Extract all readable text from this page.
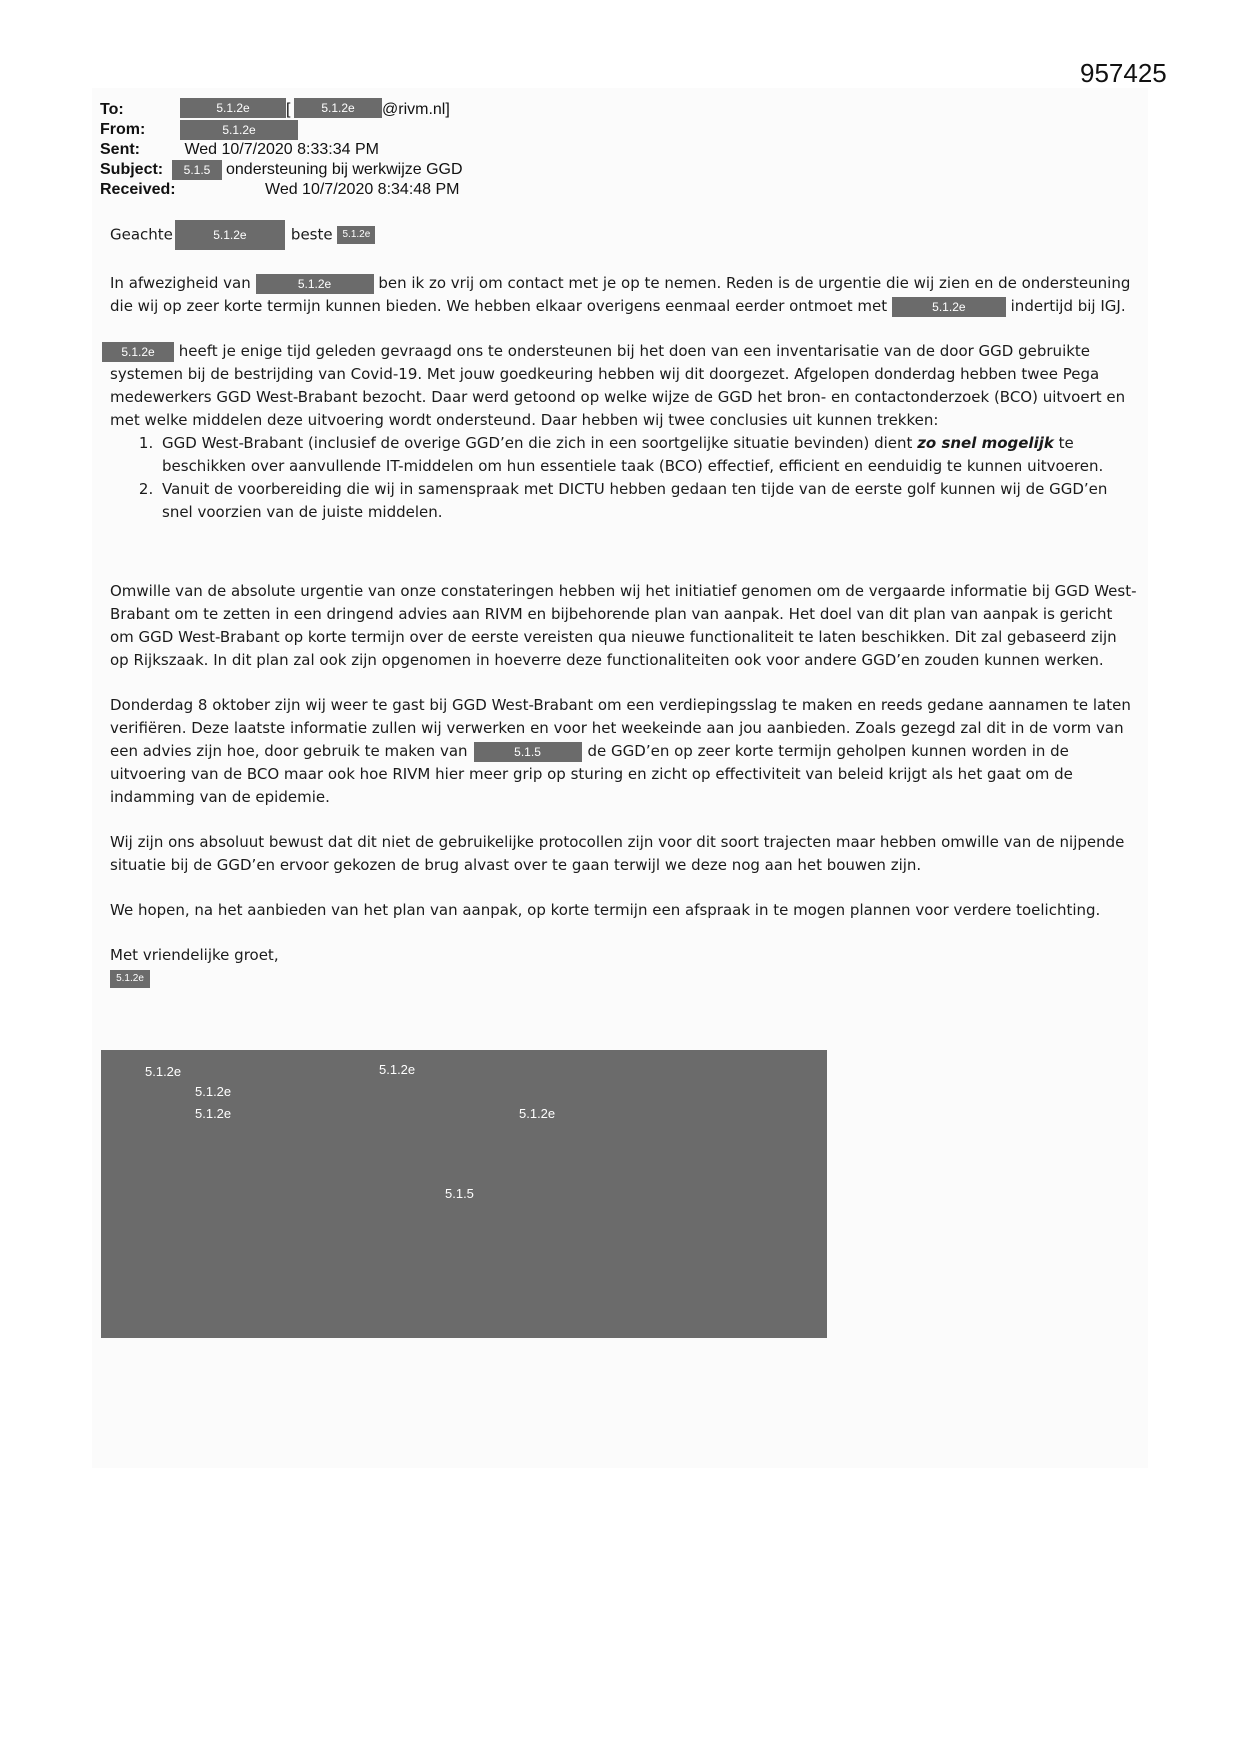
957425
To:	5.1.2e	[	5.1.2e	@rivm.nl]
From:	5.1.2e
Sent:	Wed 10/7/2020 8:33:34 PM
Subject:	5.1.5 ondersteuning bij werkwijze GGD
Received:	Wed 10/7/2020 8:34:48 PM

Geachte	5.1.2e	beste 5.1.2e

In afwezigheid van	5.1.2e	ben ik zo vrij om contact met je op te nemen. Reden is de urgentie die wij zien en de ondersteuning die wij op zeer korte termijn kunnen bieden. We hebben elkaar overigens eenmaal eerder ontmoet met	5.1.2e	indertijd bij IGJ.

5.1.2e heeft je enige tijd geleden gevraagd ons te ondersteunen bij het doen van een inventarisatie van de door GGD gebruikte systemen bij de bestrijding van Covid-19. Met jouw goedkeuring hebben wij dit doorgezet. Afgelopen donderdag hebben twee Pega medewerkers GGD West-Brabant bezocht. Daar werd getoond op welke wijze de GGD het bron- en contactonderzoek (BCO) uitvoert en met welke middelen deze uitvoering wordt ondersteund. Daar hebben wij twee conclusies uit kunnen trekken:

1. GGD West-Brabant (inclusief de overige GGD’en die zich in een soortgelijke situatie bevinden) dient zo snel mogelijk te beschikken over aanvullende IT-middelen om hun essentiele taak (BCO) effectief, efficient en eenduidig te kunnen uitvoeren.
2. Vanuit de voorbereiding die wij in samenspraak met DICTU hebben gedaan ten tijde van de eerste golf kunnen wij de GGD’en snel voorzien van de juiste middelen.

Omwille van de absolute urgentie van onze constateringen hebben wij het initiatief genomen om de vergaarde informatie bij GGD West-Brabant om te zetten in een dringend advies aan RIVM en bijbehorende plan van aanpak. Het doel van dit plan van aanpak is gericht om GGD West-Brabant op korte termijn over de eerste vereisten qua nieuwe functionaliteit te laten beschikken. Dit zal gebaseerd zijn op Rijkszaak. In dit plan zal ook zijn opgenomen in hoeverre deze functionaliteiten ook voor andere GGD’en zouden kunnen werken.

Donderdag 8 oktober zijn wij weer te gast bij GGD West-Brabant om een verdiepingsslag te maken en reeds gedane aannamen te laten verifiëren. Deze laatste informatie zullen wij verwerken en voor het weekeinde aan jou aanbieden. Zoals gezegd zal dit in de vorm van een advies zijn hoe, door gebruik te maken van	5.1.5	de GGD’en op zeer korte termijn geholpen kunnen worden in de uitvoering van de BCO maar ook hoe RIVM hier meer grip op sturing en zicht op effectiviteit van beleid krijgt als het gaat om de indamming van de epidemie.

Wij zijn ons absoluut bewust dat dit niet de gebruikelijke protocollen zijn voor dit soort trajecten maar hebben omwille van de nijpende situatie bij de GGD’en ervoor gekozen de brug alvast over te gaan terwijl we deze nog aan het bouwen zijn.

We hopen, na het aanbieden van het plan van aanpak, op korte termijn een afspraak in te mogen plannen voor verdere toelichting.

Met vriendelijke groet,

5.1.2e
5.1.2e	5.1.2e
5.1.2e
5.1.2e	5.1.2e
5.1.5
